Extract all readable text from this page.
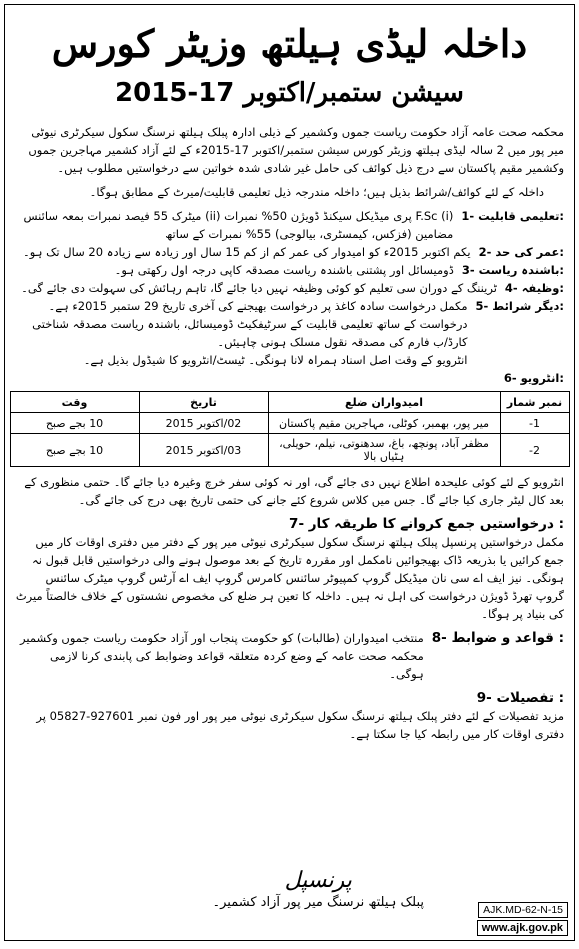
داخلہ لیڈی ہیلتھ وزیٹر کورس
سیشن ستمبر/اکتوبر 2015-17

محکمہ صحت عامہ آزاد حکومت ریاست جموں وکشمیر کے ذیلی ادارہ پبلک ہیلتھ نرسنگ سکول سیکرٹری نیوٹی میر پور میں 2 سالہ لیڈی ہیلتھ وزیٹر کورس سیشن ستمبر/اکتوبر 17-2015ء کے لئے آزاد کشمیر مہاجرین جموں وکشمیر مقیم پاکستان سے درج ذیل کوائف کی حامل غیر شادی شدہ خواتین سے درخواستیں مطلوب ہیں۔

داخلہ کے لئے کوائف/شرائط بذیل ہیں؛ داخلہ مندرجہ ذیل تعلیمی قابلیت/میرٹ کے مطابق ہوگا۔

1- تعلیمی قابلیت:
F.Sc (i) پری میڈیکل سیکنڈ ڈویژن 50% نمبرات (ii) میٹرک 55 فیصد نمبرات بمعہ سائنس مضامین (فزکس، کیمسٹری، بیالوجی) 55% نمبرات کے ساتھ
2- عمر کی حد:
یکم اکتوبر 2015ء کو امیدوار کی عمر کم از کم 15 سال اور زیادہ سے زیادہ 20 سال تک ہو۔
3- باشندہ ریاست:
ڈومیسائل اور پشتنی باشندہ ریاست مصدقہ کاپی درجہ اول رکھتی ہو۔
4- وظیفہ:
ٹریننگ کے دوران سی تعلیم کو کوئی وظیفہ نہیں دیا جائے گا، تاہم رہائش کی سہولت دی جائے گی۔
5- دیگر شرائط:
مکمل درخواست سادہ کاغذ پر درخواست بھیجنے کی آخری تاریخ 29 ستمبر 2015ء ہے۔ درخواست کے ساتھ تعلیمی قابلیت کے سرٹیفکیٹ ڈومیسائل، باشندہ ریاست مصدقہ شناختی کارڈ/ب فارم کی مصدقہ نقول مسلک ہونی چاہیئں۔
انٹرویو کے وقت اصل اسناد ہمراہ لانا ہونگی۔ ٹیسٹ/انٹرویو کا شیڈول بذیل ہے۔
6- انٹرویو:
نمبر شمار	امیدواران ضلع	تاریخ	وقت
1-	میر پور، بھمبر، کوٹلی، مہاجرین مقیم پاکستان	02/اکتوبر 2015	10 بجے صبح
2-	مظفر آباد، پونچھ، باغ، سدھنوتی، نیلم، حویلی، ہٹیاں بالا	03/اکتوبر 2015	10 بجے صبح

انٹرویو کے لئے کوئی علیحدہ اطلاع نہیں دی جائے گی، اور نہ کوئی سفر خرچ وغیرہ دیا جائے گا۔ حتمی منظوری کے بعد کال لیٹر جاری کیا جائے گا۔ جس میں کلاس شروع کئے جانے کی حتمی تاریخ بھی درج کی جائے گی۔

7- درخواستیں جمع کروانے کا طریقہ کار :

مکمل درخواستیں پرنسپل پبلک ہیلتھ نرسنگ سکول سیکرٹری نیوٹی میر پور کے دفتر میں دفتری اوقات کار میں جمع کرائیں یا بذریعہ ڈاک بھیجوائیں نامکمل اور مقررہ تاریخ کے بعد موصول ہونے والی درخواستیں قابل قبول نہ ہونگی۔ نیز ایف اے سی نان میڈیکل گروپ کمپیوٹر سائنس کامرس گروپ ایف اے آرٹس گروپ میٹرک سائنس گروپ تھرڈ ڈویژن درخواست کی اہل نہ ہیں۔ داخلہ کا تعین ہر ضلع کی مخصوص نشستوں کے خلاف خالصتاً میرٹ کی بنیاد پر ہوگا۔

8- قواعد و ضوابط :
منتخب امیدواران (طالبات) کو حکومت پنجاب اور آزاد حکومت ریاست جموں وکشمیر محکمہ صحت عامہ کے وضع کردہ متعلقہ قواعد وضوابط کی پابندی کرنا لازمی ہوگی۔
9- تفصیلات :

مزید تفصیلات کے لئے دفتر پبلک ہیلتھ نرسنگ سکول سیکرٹری نیوٹی میر پور اور فون نمبر 927601-05827 پر دفتری اوقات کار میں رابطہ کیا جا سکتا ہے۔

پرنسپل
پبلک ہیلتھ نرسنگ میر پور آزاد کشمیر۔	AJK.MD-62-N-15
www.ajk.gov.pk
